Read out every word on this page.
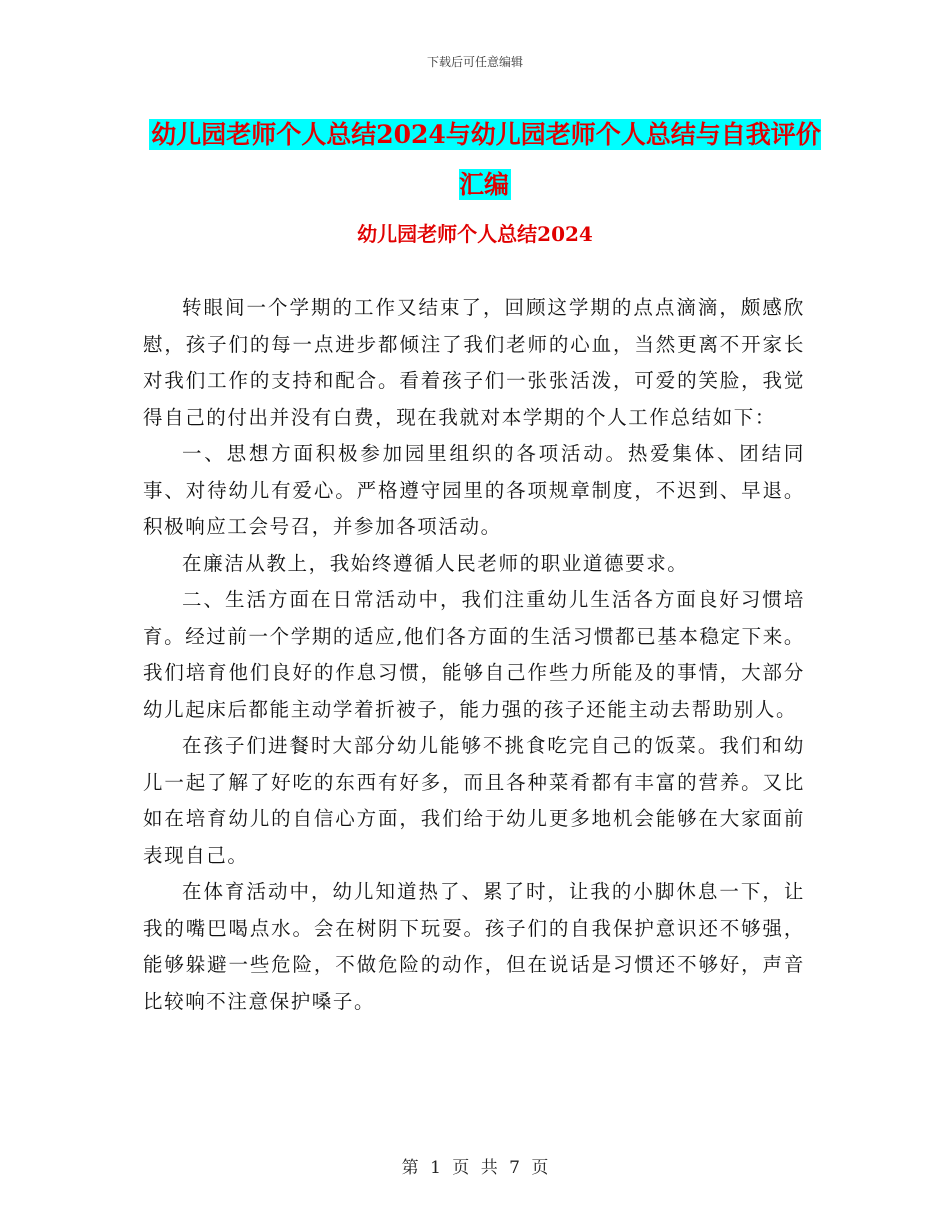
下载后可任意编辑
幼儿园老师个人总结2024与幼儿园老师个人总结与自我评价汇编
幼儿园老师个人总结2024

转眼间一个学期的工作又结束了，回顾这学期的点点滴滴，颇感欣慰，孩子们的每一点进步都倾注了我们老师的心血，当然更离不开家长对我们工作的支持和配合。看着孩子们一张张活泼，可爱的笑脸，我觉得自己的付出并没有白费，现在我就对本学期的个人工作总结如下：

一、思想方面积极参加园里组织的各项活动。热爱集体、团结同事、对待幼儿有爱心。严格遵守园里的各项规章制度，不迟到、早退。积极响应工会号召，并参加各项活动。

在廉洁从教上，我始终遵循人民老师的职业道德要求。

二、生活方面在日常活动中，我们注重幼儿生活各方面良好习惯培育。经过前一个学期的适应,他们各方面的生活习惯都已基本稳定下来。我们培育他们良好的作息习惯，能够自己作些力所能及的事情，大部分幼儿起床后都能主动学着折被子，能力强的孩子还能主动去帮助别人。

在孩子们进餐时大部分幼儿能够不挑食吃完自己的饭菜。我们和幼儿一起了解了好吃的东西有好多，而且各种菜肴都有丰富的营养。又比如在培育幼儿的自信心方面，我们给于幼儿更多地机会能够在大家面前表现自己。

在体育活动中，幼儿知道热了、累了时，让我的小脚休息一下，让我的嘴巴喝点水。会在树阴下玩耍。孩子们的自我保护意识还不够强，能够躲避一些危险，不做危险的动作，但在说话是习惯还不够好，声音比较响不注意保护嗓子。

第 1 页 共 7 页
